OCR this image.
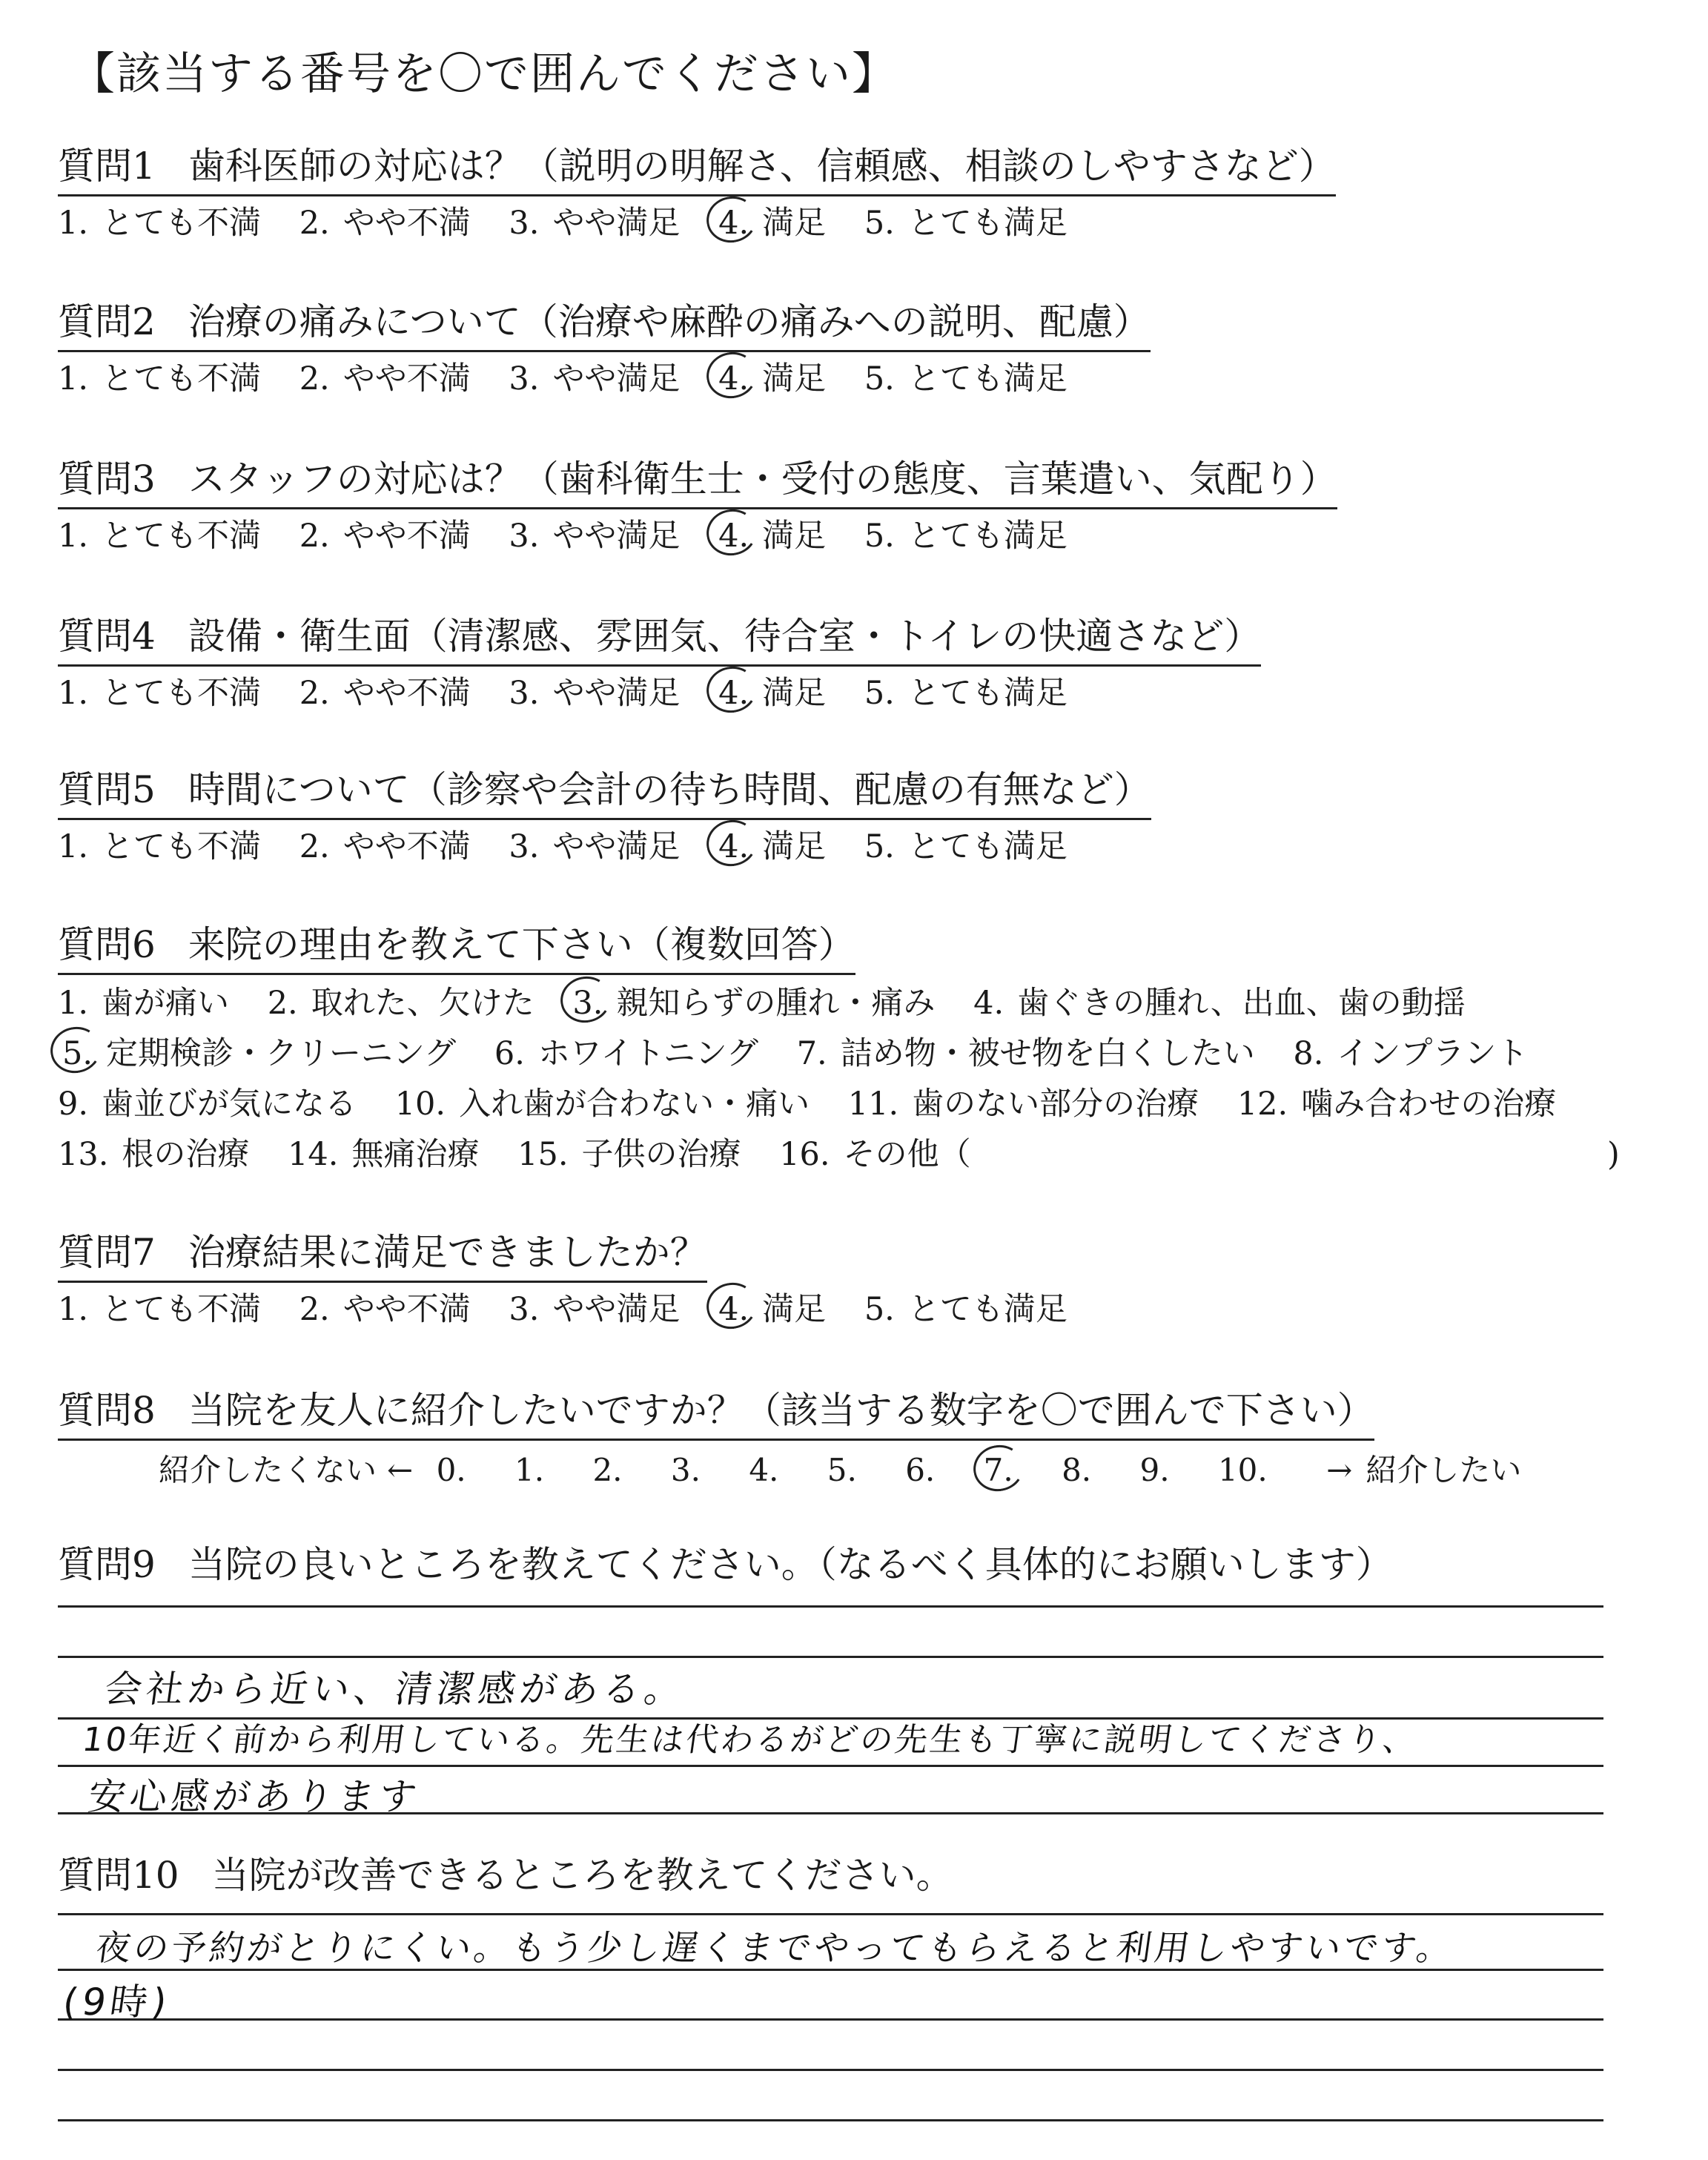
【該当する番号を〇で囲んでください】
質問1 歯科医師の対応は？（説明の明解さ、信頼感、相談のしやすさなど）
1. とても不満 2. やや不満 3. やや満足 4. 満足 5. とても満足
質問2 治療の痛みについて（治療や麻酔の痛みへの説明、配慮）
1. とても不満 2. やや不満 3. やや満足 4. 満足 5. とても満足
質問3 スタッフの対応は？（歯科衛生士・受付の態度、言葉遣い、気配り）
1. とても不満 2. やや不満 3. やや満足 4. 満足 5. とても満足
質問4 設備・衛生面（清潔感、雰囲気、待合室・トイレの快適さなど）
1. とても不満 2. やや不満 3. やや満足 4. 満足 5. とても満足
質問5 時間について（診察や会計の待ち時間、配慮の有無など）
1. とても不満 2. やや不満 3. やや満足 4. 満足 5. とても満足
質問6 来院の理由を教えて下さい（複数回答）
1. 歯が痛い 2. 取れた、欠けた 3. 親知らずの腫れ・痛み 4. 歯ぐきの腫れ、出血、歯の動揺
5. 定期検診・クリーニング 6. ホワイトニング 7. 詰め物・被せ物を白くしたい 8. インプラント
9. 歯並びが気になる 10. 入れ歯が合わない・痛い 11. 歯のない部分の治療 12. 噛み合わせの治療
13. 根の治療 14. 無痛治療 15. 子供の治療 16. その他（	)
質問7 治療結果に満足できましたか？
1. とても不満 2. やや不満 3. やや満足 4. 満足 5. とても満足
質問8 当院を友人に紹介したいですか？（該当する数字を〇で囲んで下さい）
紹介したくない ← 0. 1. 2. 3. 4. 5. 6. 7. 8. 9. 10. → 紹介したい
質問9 当院の良いところを教えてください。（なるべく具体的にお願いします）
会社から近い、清潔感がある。
10年近く前から利用している。先生は代わるがどの先生も丁寧に説明してくださり、
安心感があります
質問10 当院が改善できるところを教えてください。
夜の予約がとりにくい。もう少し遅くまでやってもらえると利用しやすいです。
(9時)
